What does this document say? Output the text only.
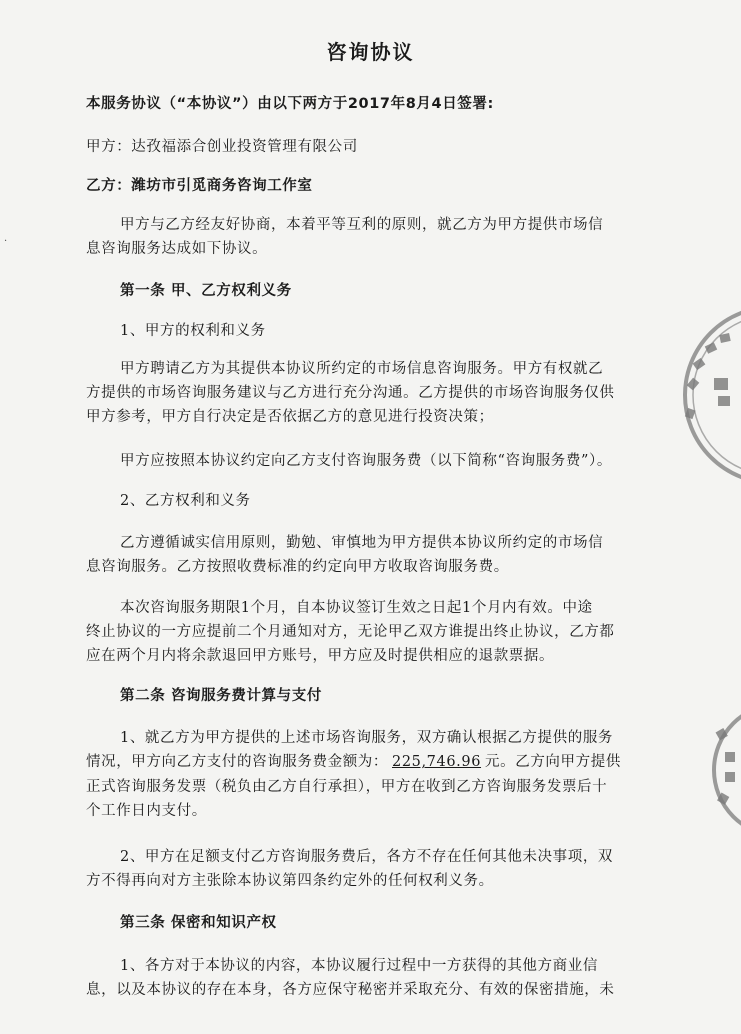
咨询协议
本服务协议（“本协议”）由以下两方于2017年8月4日签署:
甲方：达孜福添合创业投资管理有限公司
乙方：潍坊市引觅商务咨询工作室
甲方与乙方经友好协商，本着平等互利的原则，就乙方为甲方提供市场信
息咨询服务达成如下协议。
第一条 甲、乙方权利义务
1、甲方的权利和义务
甲方聘请乙方为其提供本协议所约定的市场信息咨询服务。甲方有权就乙
方提供的市场咨询服务建议与乙方进行充分沟通。乙方提供的市场咨询服务仅供
甲方参考，甲方自行决定是否依据乙方的意见进行投资决策；
甲方应按照本协议约定向乙方支付咨询服务费（以下简称“咨询服务费”）。
2、乙方权利和义务
乙方遵循诚实信用原则，勤勉、审慎地为甲方提供本协议所约定的市场信
息咨询服务。乙方按照收费标准的约定向甲方收取咨询服务费。
本次咨询服务期限1个月，自本协议签订生效之日起1个月内有效。中途
终止协议的一方应提前二个月通知对方，无论甲乙双方谁提出终止协议，乙方都
应在两个月内将余款退回甲方账号，甲方应及时提供相应的退款票据。
第二条 咨询服务费计算与支付
1、就乙方为甲方提供的上述市场咨询服务，双方确认根据乙方提供的服务
情况，甲方向乙方支付的咨询服务费金额为： 225,746.96 元。乙方向甲方提供
正式咨询服务发票（税负由乙方自行承担），甲方在收到乙方咨询服务发票后十
个工作日内支付。
2、甲方在足额支付乙方咨询服务费后，各方不存在任何其他未决事项，双
方不得再向对方主张除本协议第四条约定外的任何权利义务。
第三条 保密和知识产权
1、各方对于本协议的内容，本协议履行过程中一方获得的其他方商业信
息，以及本协议的存在本身，各方应保守秘密并采取充分、有效的保密措施，未
·
